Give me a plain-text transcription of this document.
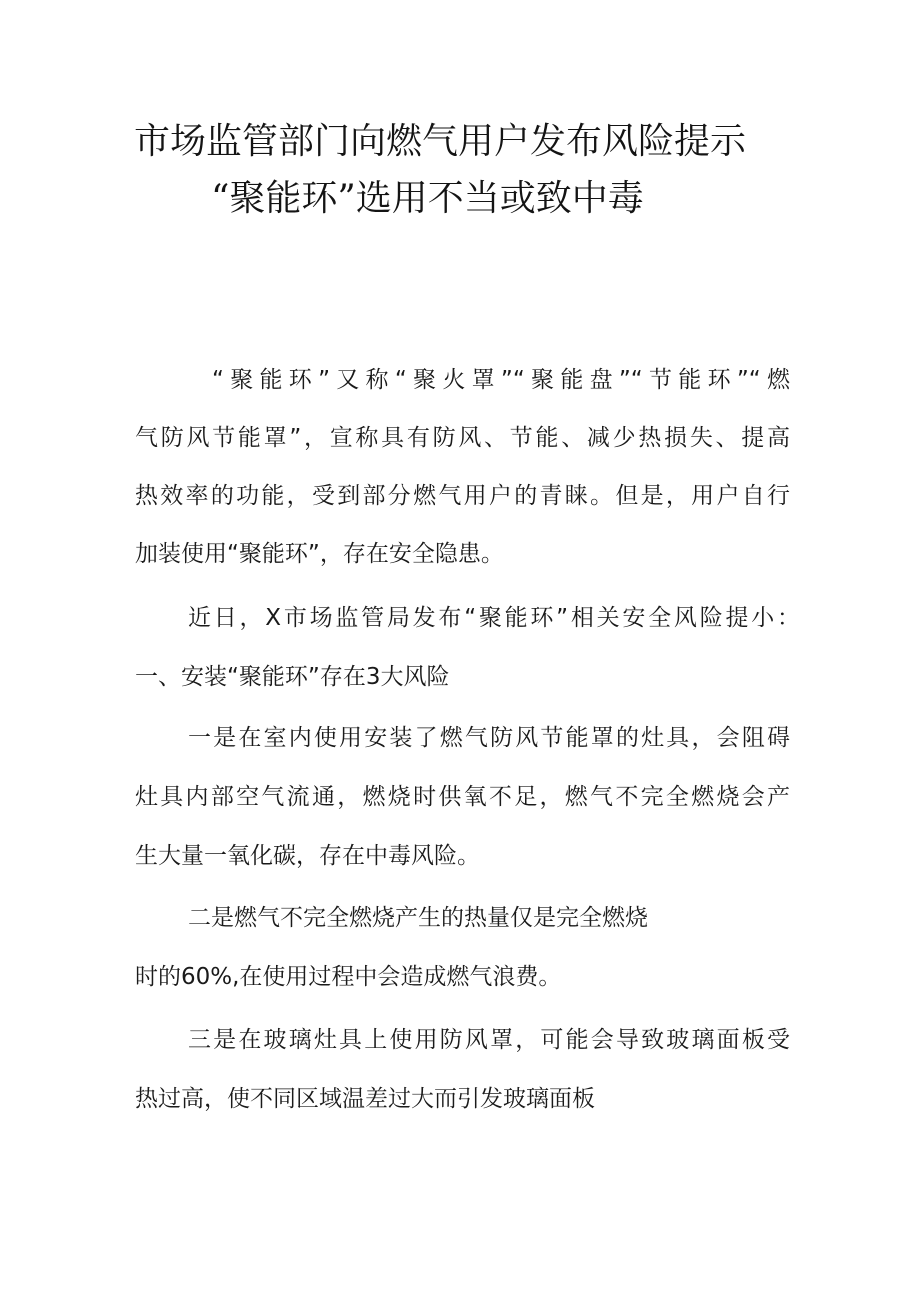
市场监管部门向燃气用户发布风险提示
“聚能环”选用不当或致中毒
“聚能环”又称“聚火罩”“聚能盘”“节能环”“燃
气防风节能罩”，宣称具有防风、节能、减少热损失、提高
热效率的功能，受到部分燃气用户的青睐。但是，用户自行
加装使用“聚能环”，存在安全隐患。
近日，X市场监管局发布“聚能环”相关安全风险提小：
一、安装“聚能环”存在3大风险
一是在室内使用安装了燃气防风节能罩的灶具，会阻碍
灶具内部空气流通，燃烧时供氧不足，燃气不完全燃烧会产
生大量一氧化碳，存在中毒风险。
二是燃气不完全燃烧产生的热量仅是完全燃烧
时的60%,在使用过程中会造成燃气浪费。
三是在玻璃灶具上使用防风罩，可能会导致玻璃面板受
热过高，使不同区域温差过大而引发玻璃面板
